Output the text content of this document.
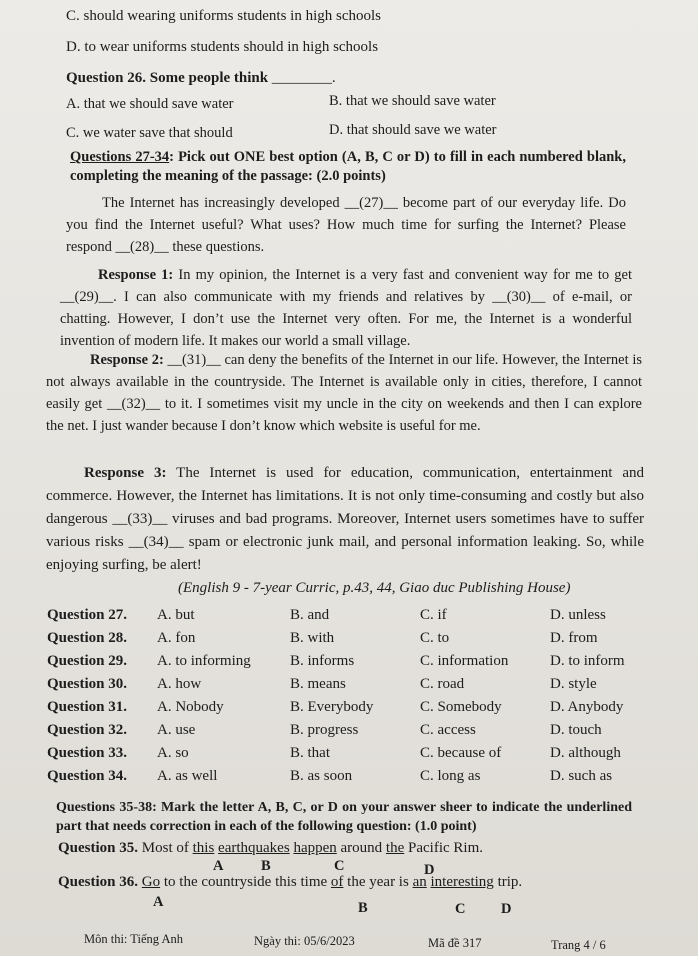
C. should wearing uniforms students in high schools
D. to wear uniforms students should in high schools
Question 26. Some people think ________.
A. that we should save water	B. that we should save water
C. we water save that should	D. that should save we water

Questions 27-34: Pick out ONE best option (A, B, C or D) to fill in each numbered blank, completing the meaning of the passage: (2.0 points)

The Internet has increasingly developed __(27)__ become part of our everyday life. Do you find the Internet useful? What uses? How much time for surfing the Internet? Please respond __(28)__ these questions.
Response 1: In my opinion, the Internet is a very fast and convenient way for me to get __(29)__. I can also communicate with my friends and relatives by __(30)__ of e-mail, or chatting. However, I don’t use the Internet very often. For me, the Internet is a wonderful invention of modern life. It makes our world a small village.
Response 2: __(31)__ can deny the benefits of the Internet in our life. However, the Internet is not always available in the countryside. The Internet is available only in cities, therefore, I cannot easily get __(32)__ to it. I sometimes visit my uncle in the city on weekends and then I can explore the net. I just wander because I don’t know which website is useful for me.
Response 3: The Internet is used for education, communication, entertainment and commerce. However, the Internet has limitations. It is not only time-consuming and costly but also dangerous __(33)__ viruses and bad programs. Moreover, Internet users sometimes have to suffer various risks __(34)__ spam or electronic junk mail, and personal information leaking. So, while enjoying surfing, be alert!
(English 9 - 7-year Curric, p.43, 44, Giao duc Publishing House)
Question 27. A. but	B. and	C. if	D. unless
Question 28. A. fon	B. with	C. to	D. from
Question 29. A. to informing	B. informs	C. information	D. to inform
Question 30. A. how	B. means	C. road	D. style
Question 31. A. Nobody	B. Everybody	C. Somebody	D. Anybody
Question 32. A. use	B. progress	C. access	D. touch
Question 33. A. so	B. that	C. because of	D. although
Question 34. A. as well	B. as soon	C. long as	D. such as
Questions 35-38: Mark the letter A, B, C, or D on your answer sheer to indicate the underlined part that needs correction in each of the following question: (1.0 point)
Question 35. Most of this earthquakes happen around the Pacific Rim.
A	B	C	D
Question 36. Go to the countryside this time of the year is an interesting trip.
A	B	C D
Môn thi: Tiếng Anh	Ngày thi: 05/6/2023	Mã đề 317	Trang 4 / 6
